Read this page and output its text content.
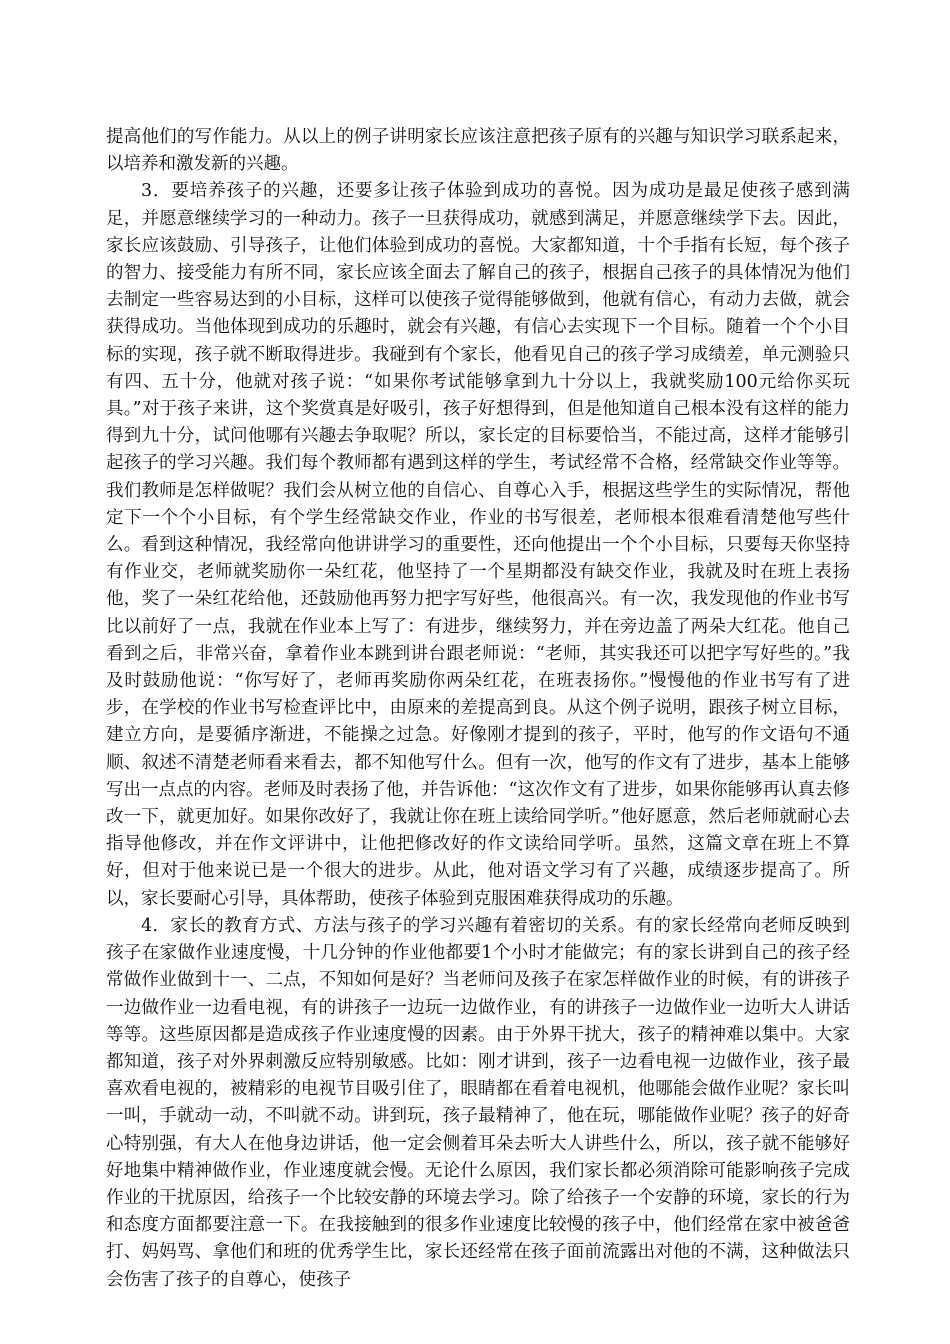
提高他们的写作能力。从以上的例子讲明家长应该注意把孩子原有的兴趣与知识学习联系起来，以培养和激发新的兴趣。

3．要培养孩子的兴趣，还要多让孩子体验到成功的喜悦。因为成功是最足使孩子感到满足，并愿意继续学习的一种动力。孩子一旦获得成功，就感到满足，并愿意继续学下去。因此，家长应该鼓励、引导孩子，让他们体验到成功的喜悦。大家都知道，十个手指有长短，每个孩子的智力、接受能力有所不同，家长应该全面去了解自己的孩子，根据自己孩子的具体情况为他们去制定一些容易达到的小目标，这样可以使孩子觉得能够做到，他就有信心，有动力去做，就会获得成功。当他体现到成功的乐趣时，就会有兴趣，有信心去实现下一个目标。随着一个个小目标的实现，孩子就不断取得进步。我碰到有个家长，他看见自己的孩子学习成绩差，单元测验只有四、五十分，他就对孩子说：“如果你考试能够拿到九十分以上，我就奖励100元给你买玩具。”对于孩子来讲，这个奖赏真是好吸引，孩子好想得到，但是他知道自己根本没有这样的能力得到九十分，试问他哪有兴趣去争取呢？所以，家长定的目标要恰当，不能过高，这样才能够引起孩子的学习兴趣。我们每个教师都有遇到这样的学生，考试经常不合格，经常缺交作业等等。我们教师是怎样做呢？我们会从树立他的自信心、自尊心入手，根据这些学生的实际情况，帮他定下一个个小目标，有个学生经常缺交作业，作业的书写很差，老师根本很难看清楚他写些什么。看到这种情况，我经常向他讲讲学习的重要性，还向他提出一个个小目标，只要每天你坚持有作业交，老师就奖励你一朵红花，他坚持了一个星期都没有缺交作业，我就及时在班上表扬他，奖了一朵红花给他，还鼓励他再努力把字写好些，他很高兴。有一次，我发现他的作业书写比以前好了一点，我就在作业本上写了：有进步，继续努力，并在旁边盖了两朵大红花。他自己看到之后，非常兴奋，拿着作业本跳到讲台跟老师说：“老师，其实我还可以把字写好些的。”我及时鼓励他说：“你写好了，老师再奖励你两朵红花，在班表扬你。”慢慢他的作业书写有了进步，在学校的作业书写检查评比中，由原来的差提高到良。从这个例子说明，跟孩子树立目标，建立方向，是要循序渐进，不能操之过急。好像刚才提到的孩子，平时，他写的作文语句不通顺、叙述不清楚老师看来看去，都不知他写什么。但有一次，他写的作文有了进步，基本上能够写出一点点的内容。老师及时表扬了他，并告诉他：“这次作文有了进步，如果你能够再认真去修改一下，就更加好。如果你改好了，我就让你在班上读给同学听。”他好愿意，然后老师就耐心去指导他修改，并在作文评讲中，让他把修改好的作文读给同学听。虽然，这篇文章在班上不算好，但对于他来说已是一个很大的进步。从此，他对语文学习有了兴趣，成绩逐步提高了。所以，家长要耐心引导，具体帮助，使孩子体验到克服困难获得成功的乐趣。

4．家长的教育方式、方法与孩子的学习兴趣有着密切的关系。有的家长经常向老师反映到孩子在家做作业速度慢，十几分钟的作业他都要1个小时才能做完；有的家长讲到自己的孩子经常做作业做到十一、二点，不知如何是好？当老师问及孩子在家怎样做作业的时候，有的讲孩子一边做作业一边看电视，有的讲孩子一边玩一边做作业，有的讲孩子一边做作业一边听大人讲话等等。这些原因都是造成孩子作业速度慢的因素。由于外界干扰大，孩子的精神难以集中。大家都知道，孩子对外界刺激反应特别敏感。比如：刚才讲到，孩子一边看电视一边做作业，孩子最喜欢看电视的，被精彩的电视节目吸引住了，眼睛都在看着电视机，他哪能会做作业呢？家长叫一叫，手就动一动，不叫就不动。讲到玩，孩子最精神了，他在玩，哪能做作业呢？孩子的好奇心特别强，有大人在他身边讲话，他一定会侧着耳朵去听大人讲些什么，所以，孩子就不能够好好地集中精神做作业，作业速度就会慢。无论什么原因，我们家长都必须消除可能影响孩子完成作业的干扰原因，给孩子一个比较安静的环境去学习。除了给孩子一个安静的环境，家长的行为和态度方面都要注意一下。在我接触到的很多作业速度比较慢的孩子中，他们经常在家中被爸爸打、妈妈骂、拿他们和班的优秀学生比，家长还经常在孩子面前流露出对他的不满，这种做法只会伤害了孩子的自尊心，使孩子
